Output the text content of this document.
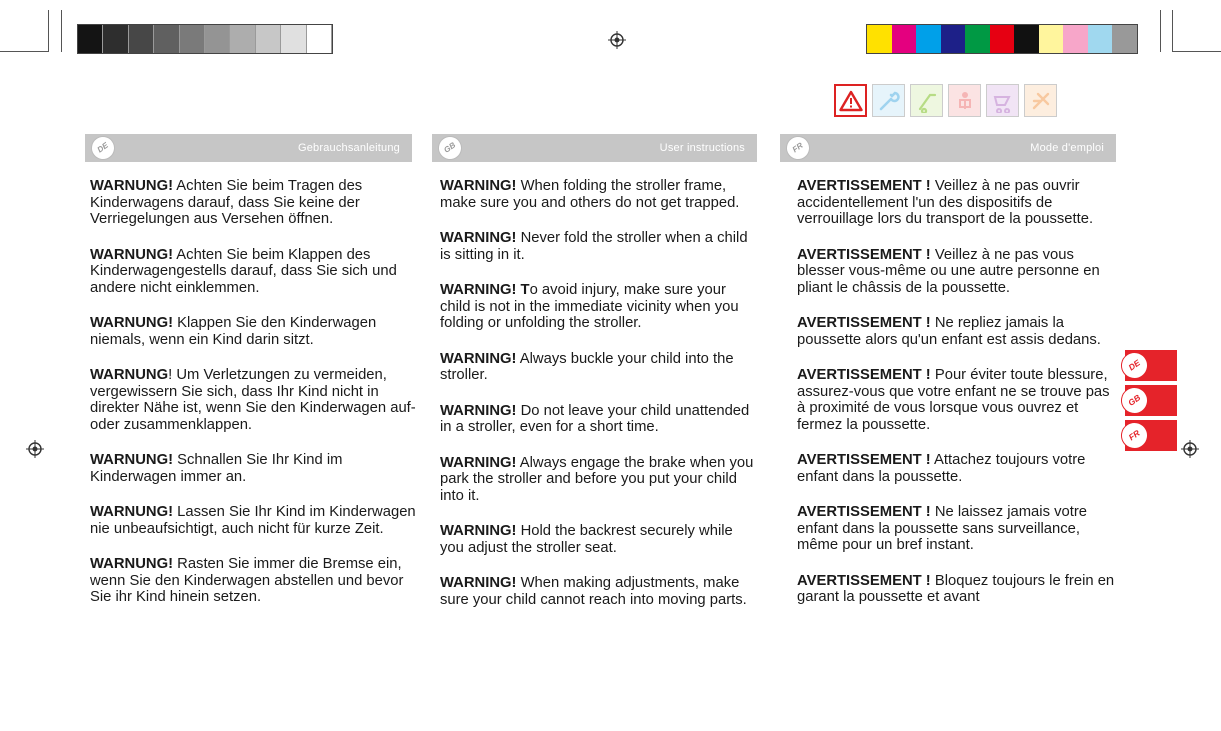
DE	Gebrauchsanleitung	GB	User instructions	FR	Mode d'emploi

WARNUNG! Achten Sie beim Tragen des Kinderwagens darauf, dass Sie keine der Verriegelungen aus Versehen öffnen.

WARNUNG! Achten Sie beim Klappen des Kinderwagengestells darauf, dass Sie sich und andere nicht einklemmen.

WARNUNG! Klappen Sie den Kinderwagen niemals, wenn ein Kind darin sitzt.

WARNUNG! Um Verletzungen zu vermeiden, vergewissern Sie sich, dass Ihr Kind nicht in direkter Nähe ist, wenn Sie den Kinderwagen auf- oder zusammenklappen.

WARNUNG! Schnallen Sie Ihr Kind im Kinderwagen immer an.

WARNUNG! Lassen Sie Ihr Kind im Kinderwagen nie unbeaufsichtigt, auch nicht für kurze Zeit.

WARNUNG! Rasten Sie immer die Bremse ein, wenn Sie den Kinderwagen abstellen und bevor Sie ihr Kind hinein setzen.

WARNING! When folding the stroller frame, make sure you and others do not get trapped.

WARNING! Never fold the stroller when a child is sitting in it.

WARNING! To avoid injury, make sure your child is not in the immediate vicinity when you folding or unfolding the stroller.

WARNING! Always buckle your child into the stroller.

WARNING! Do not leave your child unattended in a stroller, even for a short time.

WARNING! Always engage the brake when you park the stroller and before you put your child into it.

WARNING! Hold the backrest securely while you adjust the stroller seat.

WARNING! When making adjustments, make sure your child cannot reach into moving parts.

AVERTISSEMENT ! Veillez à ne pas ouvrir accidentellement l'un des dispositifs de verrouillage lors du transport de la poussette.

AVERTISSEMENT ! Veillez à ne pas vous blesser vous-même ou une autre personne en pliant le châssis de la poussette.

AVERTISSEMENT ! Ne repliez jamais la poussette alors qu'un enfant est assis dedans.

AVERTISSEMENT ! Pour éviter toute blessure, assurez-vous que votre enfant ne se trouve pas à proximité de vous lorsque vous ouvrez et fermez la poussette.

AVERTISSEMENT ! Attachez toujours votre enfant dans la poussette.

AVERTISSEMENT ! Ne laissez jamais votre enfant dans la poussette sans surveillance, même pour un bref instant.

AVERTISSEMENT ! Bloquez toujours le frein en garant la poussette et avant

DE
GB
FR
